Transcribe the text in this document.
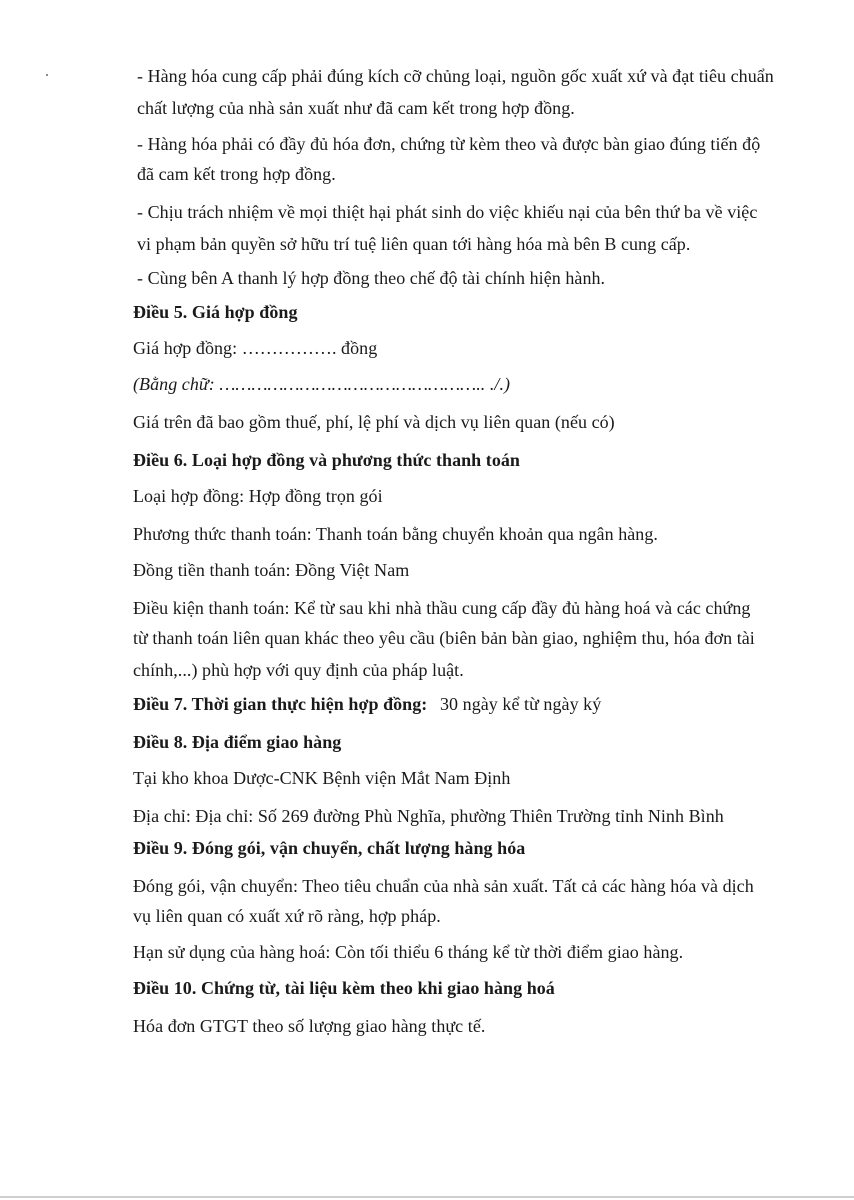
- Hàng hóa cung cấp phải đúng kích cỡ chủng loại, nguồn gốc xuất xứ và đạt tiêu chuẩn
chất lượng của nhà sản xuất như đã cam kết trong hợp đồng.
- Hàng hóa phải có đầy đủ hóa đơn, chứng từ kèm theo và được bàn giao đúng tiến độ
đã cam kết trong hợp đồng.
- Chịu trách nhiệm về mọi thiệt hại phát sinh do việc khiếu nại của bên thứ ba về việc
vi phạm bản quyền sở hữu trí tuệ liên quan tới hàng hóa mà bên B cung cấp.
- Cùng bên A thanh lý hợp đồng theo chế độ tài chính hiện hành.
Điều 5. Giá hợp đồng
Giá hợp đồng: ……………. đồng
(Bằng chữ: ………………………………………….. ./.)
Giá trên đã bao gồm thuế, phí, lệ phí và dịch vụ liên quan (nếu có)
Điều 6. Loại hợp đồng và phương thức thanh toán
Loại hợp đồng: Hợp đồng trọn gói
Phương thức thanh toán: Thanh toán bằng chuyển khoản qua ngân hàng.
Đồng tiền thanh toán: Đồng Việt Nam
Điều kiện thanh toán: Kể từ sau khi nhà thầu cung cấp đầy đủ hàng hoá và các chứng
từ thanh toán liên quan khác theo yêu cầu (biên bản bàn giao, nghiệm thu, hóa đơn tài
chính,...) phù hợp với quy định của pháp luật.
Điều 7. Thời gian thực hiện hợp đồng: 30 ngày kể từ ngày ký
Điều 8. Địa điểm giao hàng
Tại kho khoa Dược-CNK Bệnh viện Mắt Nam Định
Địa chỉ: Địa chỉ: Số 269 đường Phù Nghĩa, phường Thiên Trường tỉnh Ninh Bình
Điều 9. Đóng gói, vận chuyển, chất lượng hàng hóa
Đóng gói, vận chuyển: Theo tiêu chuẩn của nhà sản xuất. Tất cả các hàng hóa và dịch
vụ liên quan có xuất xứ rõ ràng, hợp pháp.
Hạn sử dụng của hàng hoá: Còn tối thiểu 6 tháng kể từ thời điểm giao hàng.
Điều 10. Chứng từ, tài liệu kèm theo khi giao hàng hoá
Hóa đơn GTGT theo số lượng giao hàng thực tế.
